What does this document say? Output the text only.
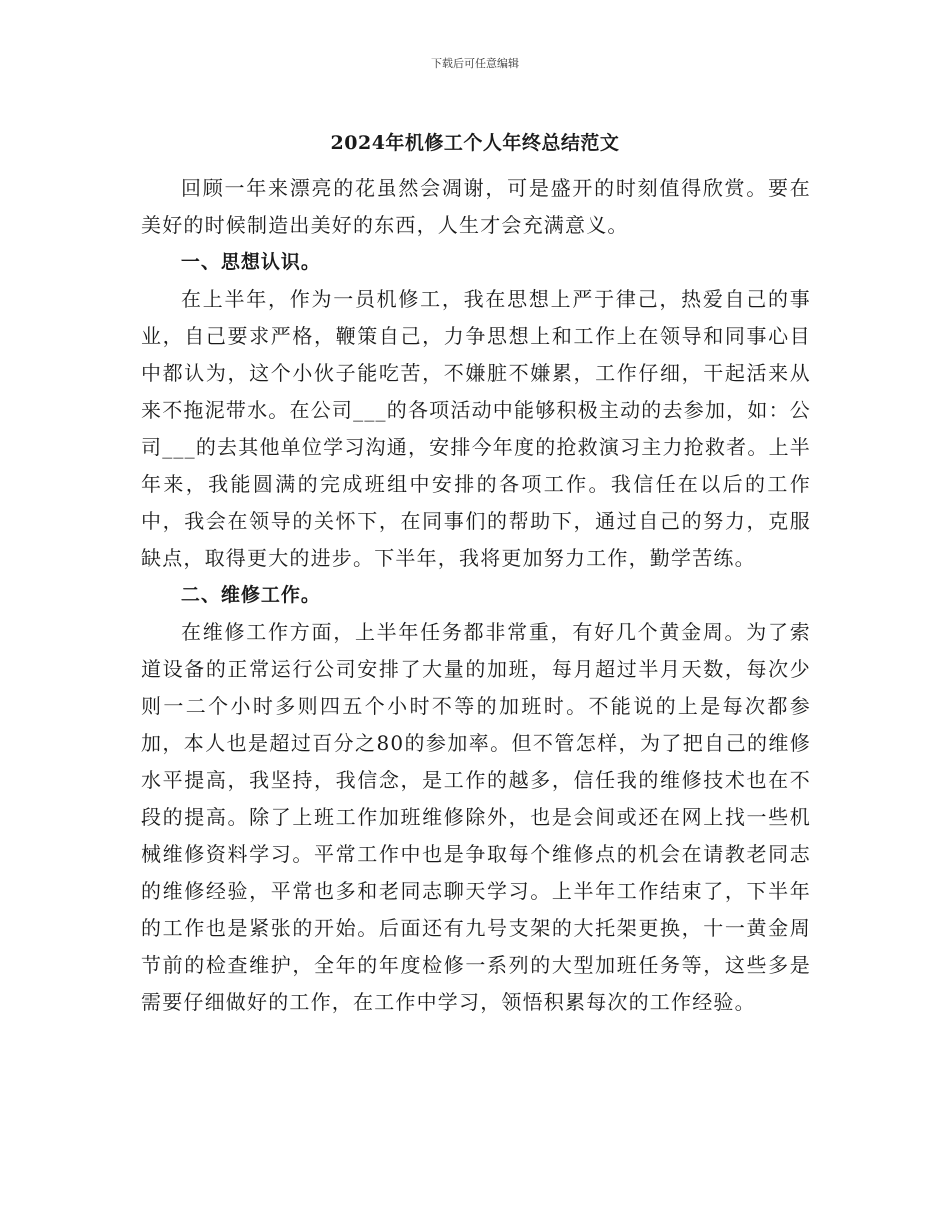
下载后可任意编辑
2024年机修工个人年终总结范文

回顾一年来漂亮的花虽然会凋谢，可是盛开的时刻值得欣赏。要在美好的时候制造出美好的东西，人生才会充满意义。

一、思想认识。

在上半年，作为一员机修工，我在思想上严于律己，热爱自己的事业，自己要求严格，鞭策自己，力争思想上和工作上在领导和同事心目中都认为，这个小伙子能吃苦，不嫌脏不嫌累，工作仔细，干起活来从来不拖泥带水。在公司___的各项活动中能够积极主动的去参加，如：公司___的去其他单位学习沟通，安排今年度的抢救演习主力抢救者。上半年来，我能圆满的完成班组中安排的各项工作。我信任在以后的工作中，我会在领导的关怀下，在同事们的帮助下，通过自己的努力，克服缺点，取得更大的进步。下半年，我将更加努力工作，勤学苦练。

二、维修工作。

在维修工作方面，上半年任务都非常重，有好几个黄金周。为了索道设备的正常运行公司安排了大量的加班，每月超过半月天数，每次少则一二个小时多则四五个小时不等的加班时。不能说的上是每次都参加，本人也是超过百分之80的参加率。但不管怎样，为了把自己的维修水平提高，我坚持，我信念，是工作的越多，信任我的维修技术也在不段的提高。除了上班工作加班维修除外，也是会间或还在网上找一些机械维修资料学习。平常工作中也是争取每个维修点的机会在请教老同志的维修经验，平常也多和老同志聊天学习。上半年工作结束了，下半年的工作也是紧张的开始。后面还有九号支架的大托架更换，十一黄金周节前的检查维护，全年的年度检修一系列的大型加班任务等，这些多是需要仔细做好的工作，在工作中学习，领悟积累每次的工作经验。
